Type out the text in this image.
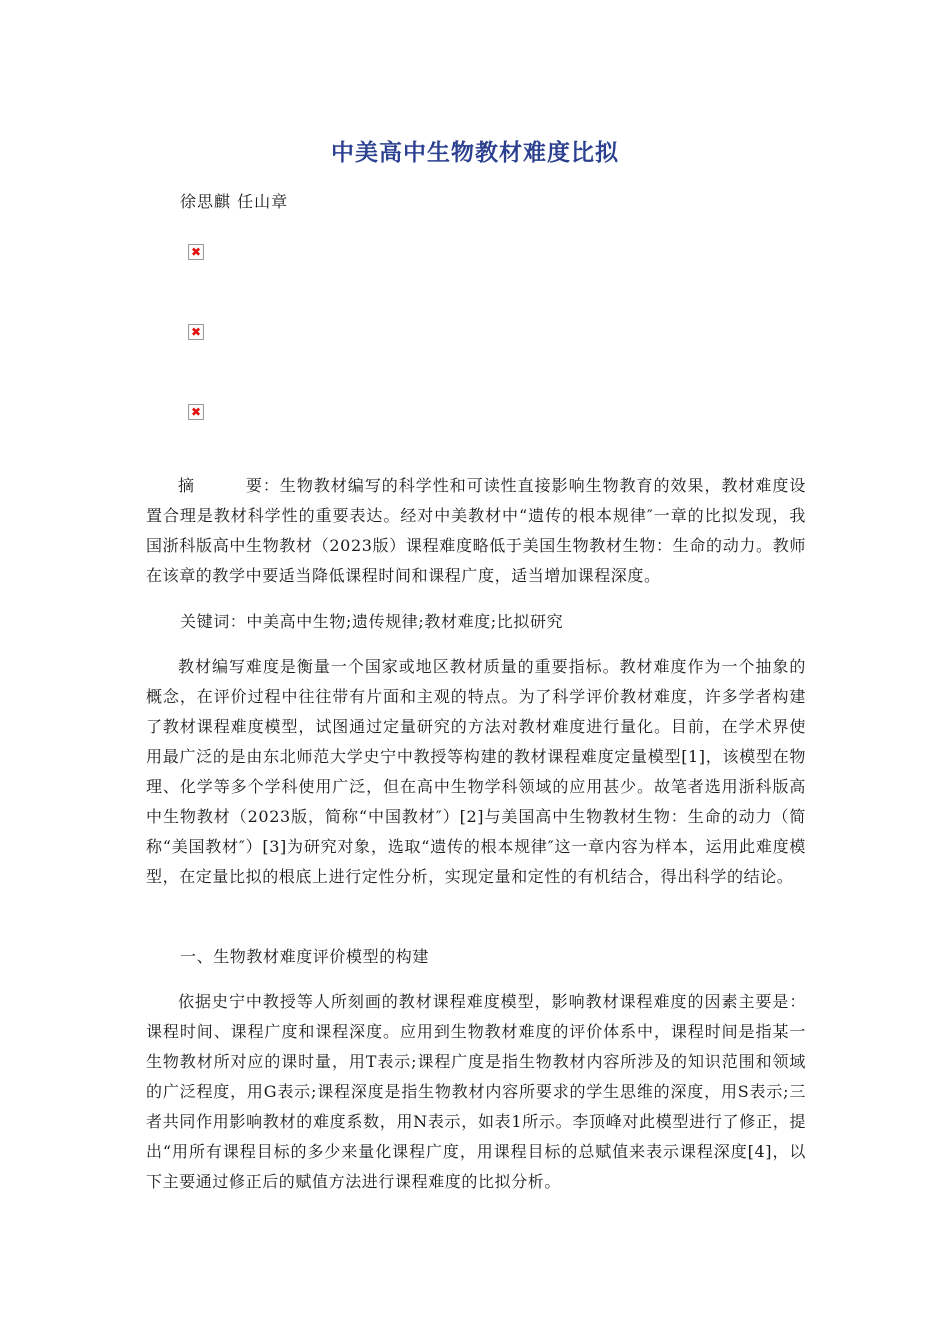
中美高中生物教材难度比拟
徐思麒 任山章
✖
✖
✖

摘　　　要：生物教材编写的科学性和可读性直接影响生物教育的效果，教材难度设置合理是教材科学性的重要表达。经对中美教材中“遗传的根本规律″一章的比拟发现，我国浙科版高中生物教材（2023版）课程难度略低于美国生物教材生物：生命的动力。教师在该章的教学中要适当降低课程时间和课程广度，适当增加课程深度。

关键词：中美高中生物;遗传规律;教材难度;比拟研究

教材编写难度是衡量一个国家或地区教材质量的重要指标。教材难度作为一个抽象的概念，在评价过程中往往带有片面和主观的特点。为了科学评价教材难度，许多学者构建了教材课程难度模型，试图通过定量研究的方法对教材难度进行量化。目前，在学术界使用最广泛的是由东北师范大学史宁中教授等构建的教材课程难度定量模型[1]，该模型在物理、化学等多个学科使用广泛，但在高中生物学科领域的应用甚少。故笔者选用浙科版高中生物教材（2023版，简称“中国教材″）[2]与美国高中生物教材生物：生命的动力（简称“美国教材″）[3]为研究对象，选取“遗传的根本规律″这一章内容为样本，运用此难度模型，在定量比拟的根底上进行定性分析，实现定量和定性的有机结合，得出科学的结论。

一、生物教材难度评价模型的构建

依据史宁中教授等人所刻画的教材课程难度模型，影响教材课程难度的因素主要是：课程时间、课程广度和课程深度。应用到生物教材难度的评价体系中，课程时间是指某一生物教材所对应的课时量，用T表示;课程广度是指生物教材内容所涉及的知识范围和领域的广泛程度，用G表示;课程深度是指生物教材内容所要求的学生思维的深度，用S表示;三者共同作用影响教材的难度系数，用N表示，如表1所示。李顶峰对此模型进行了修正，提出“用所有课程目标的多少来量化课程广度，用课程目标的总赋值来表示课程深度[4]，以下主要通过修正后的赋值方法进行课程难度的比拟分析。
